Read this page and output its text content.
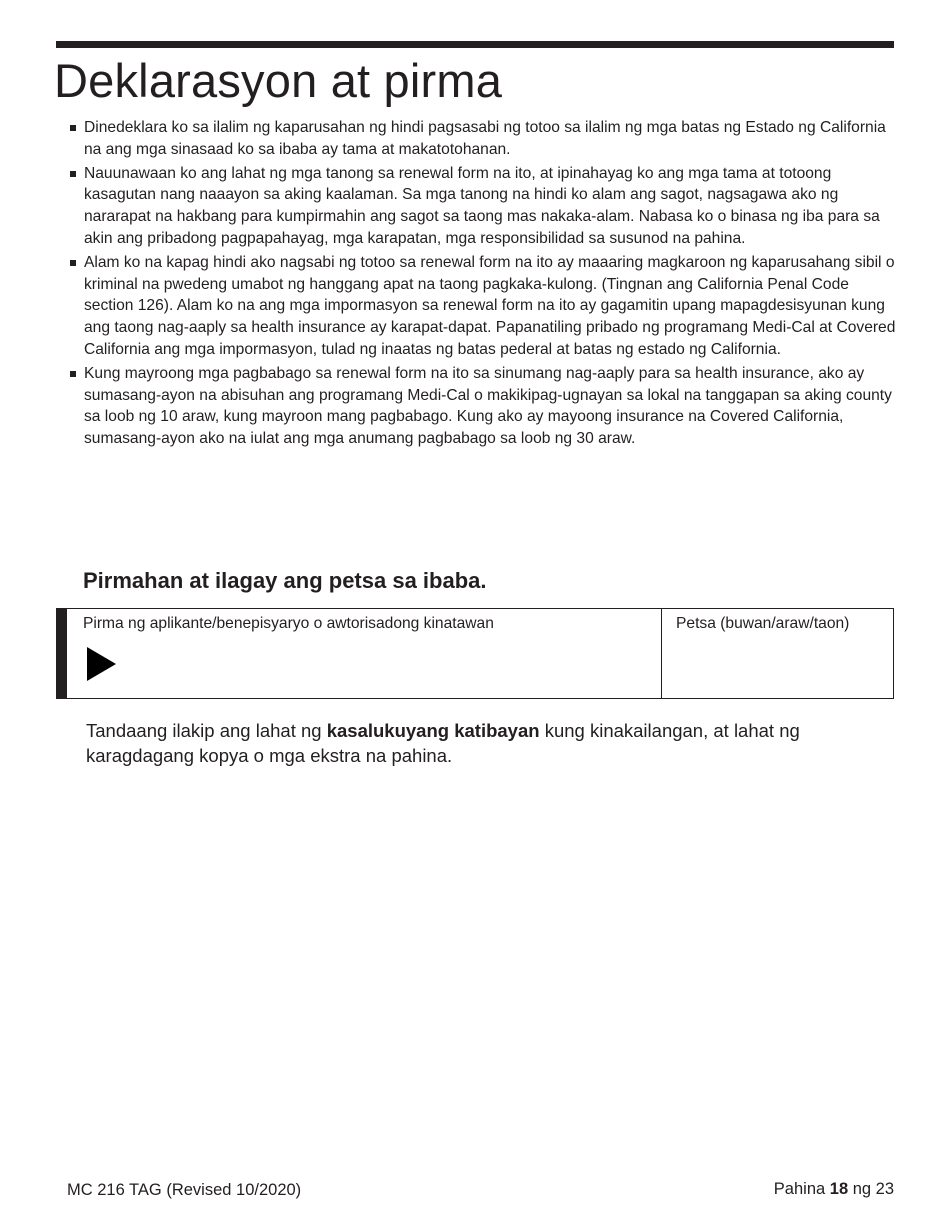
Deklarasyon at pirma
Dinedeklara ko sa ilalim ng kaparusahan ng hindi pagsasabi ng totoo sa ilalim ng mga batas ng Estado ng California na ang mga sinasaad ko sa ibaba ay tama at makatotohanan.
Nauunawaan ko ang lahat ng mga tanong sa renewal form na ito, at ipinahayag ko ang mga tama at totoong kasagutan nang naaayon sa aking kaalaman. Sa mga tanong na hindi ko alam ang sagot, nagsagawa ako ng nararapat na hakbang para kumpirmahin ang sagot sa taong mas nakaka-alam. Nabasa ko o binasa ng iba para sa akin ang pribadong pagpapahayag, mga karapatan, mga responsibilidad sa susunod na pahina.
Alam ko na kapag hindi ako nagsabi ng totoo sa renewal form na ito ay maaaring magkaroon ng kaparusahang sibil o kriminal na pwedeng umabot ng hanggang apat na taong pagkaka-kulong. (Tingnan ang California Penal Code section 126). Alam ko na ang mga impormasyon sa renewal form na ito ay gagamitin upang mapagdesisyunan kung ang taong nag-aaply sa health insurance ay karapat-dapat. Papanatiling pribado ng programang Medi-Cal at Covered California ang mga impormasyon, tulad ng inaatas ng batas pederal at batas ng estado ng California.
Kung mayroong mga pagbabago sa renewal form na ito sa sinumang nag-aaply para sa health insurance, ako ay sumasang-ayon na abisuhan ang programang Medi-Cal o makikipag-ugnayan sa lokal na tanggapan sa aking county sa loob ng 10 araw, kung mayroon mang pagbabago. Kung ako ay mayoong insurance na Covered California, sumasang-ayon ako na iulat ang mga anumang pagbabago sa loob ng 30 araw.
Pirmahan at ilagay ang petsa sa ibaba.
Pirma ng aplikante/benepisyaryo o awtorisadong kinatawan	Petsa (buwan/araw/taon)

Tandaang ilakip ang lahat ng kasalukuyang katibayan kung kinakailangan, at lahat ng karagdagang kopya o mga ekstra na pahina.

MC 216 TAG (Revised 10/2020)	Pahina 18 ng 23
